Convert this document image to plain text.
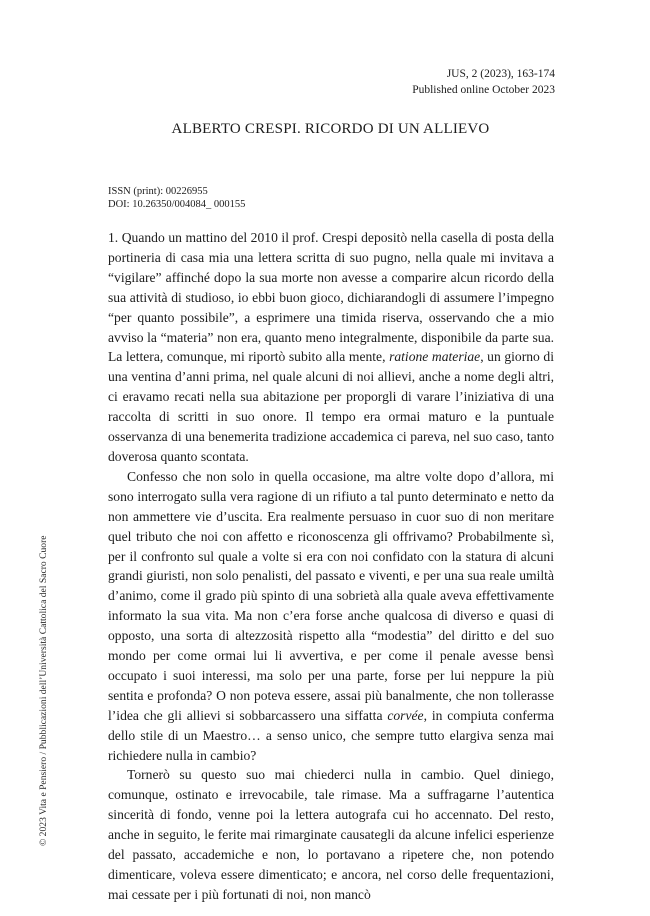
JUS, 2 (2023), 163-174
Published online October 2023
ALBERTO CRESPI. RICORDO DI UN ALLIEVO
ISSN (print): 00226955
DOI: 10.26350/004084_ 000155

1. Quando un mattino del 2010 il prof. Crespi depositò nella casella di posta della portineria di casa mia una lettera scritta di suo pugno, nella quale mi invitava a “vigilare” affinché dopo la sua morte non avesse a comparire alcun ricordo della sua attività di studioso, io ebbi buon gioco, dichiarandogli di assumere l’impegno “per quanto possibile”, a esprimere una timida riserva, osservando che a mio avviso la “materia” non era, quanto meno integralmente, disponibile da parte sua. La lettera, comunque, mi riportò subito alla mente, ratione materiae, un giorno di una ventina d’anni prima, nel quale alcuni di noi allievi, anche a nome degli altri, ci eravamo recati nella sua abitazione per proporgli di varare l’iniziativa di una raccolta di scritti in suo onore. Il tempo era ormai maturo e la puntuale osservanza di una benemerita tradizione accademica ci pareva, nel suo caso, tanto doverosa quanto scontata.

Confesso che non solo in quella occasione, ma altre volte dopo d’allora, mi sono interrogato sulla vera ragione di un rifiuto a tal punto determinato e netto da non ammettere vie d’uscita. Era realmente persuaso in cuor suo di non meritare quel tributo che noi con affetto e riconoscenza gli offrivamo? Probabilmente sì, per il confronto sul quale a volte si era con noi confidato con la statura di alcuni grandi giuristi, non solo penalisti, del passato e viventi, e per una sua reale umiltà d’animo, come il grado più spinto di una sobrietà alla quale aveva effettivamente informato la sua vita. Ma non c’era forse anche qualcosa di diverso e quasi di opposto, una sorta di altezzosità rispetto alla “modestia” del diritto e del suo mondo per come ormai lui li avvertiva, e per come il penale avesse bensì occupato i suoi interessi, ma solo per una parte, forse per lui neppure la più sentita e profonda? O non poteva essere, assai più banalmente, che non tollerasse l’idea che gli allievi si sobbarcassero una siffatta corvée, in compiuta conferma dello stile di un Maestro… a senso unico, che sempre tutto elargiva senza mai richiedere nulla in cambio?

Tornerò su questo suo mai chiederci nulla in cambio. Quel diniego, comunque, ostinato e irrevocabile, tale rimase. Ma a suffragarne l’autentica sincerità di fondo, venne poi la lettera autografa cui ho accennato. Del resto, anche in seguito, le ferite mai rimarginate causategli da alcune infelici esperienze del passato, accademiche e non, lo portavano a ripetere che, non potendo dimenticare, voleva essere dimenticato; e ancora, nel corso delle frequentazioni, mai cessate per i più fortunati di noi, non mancò

© 2023 Vita e Pensiero / Pubblicazioni dell’Università Cattolica del Sacro Cuore
